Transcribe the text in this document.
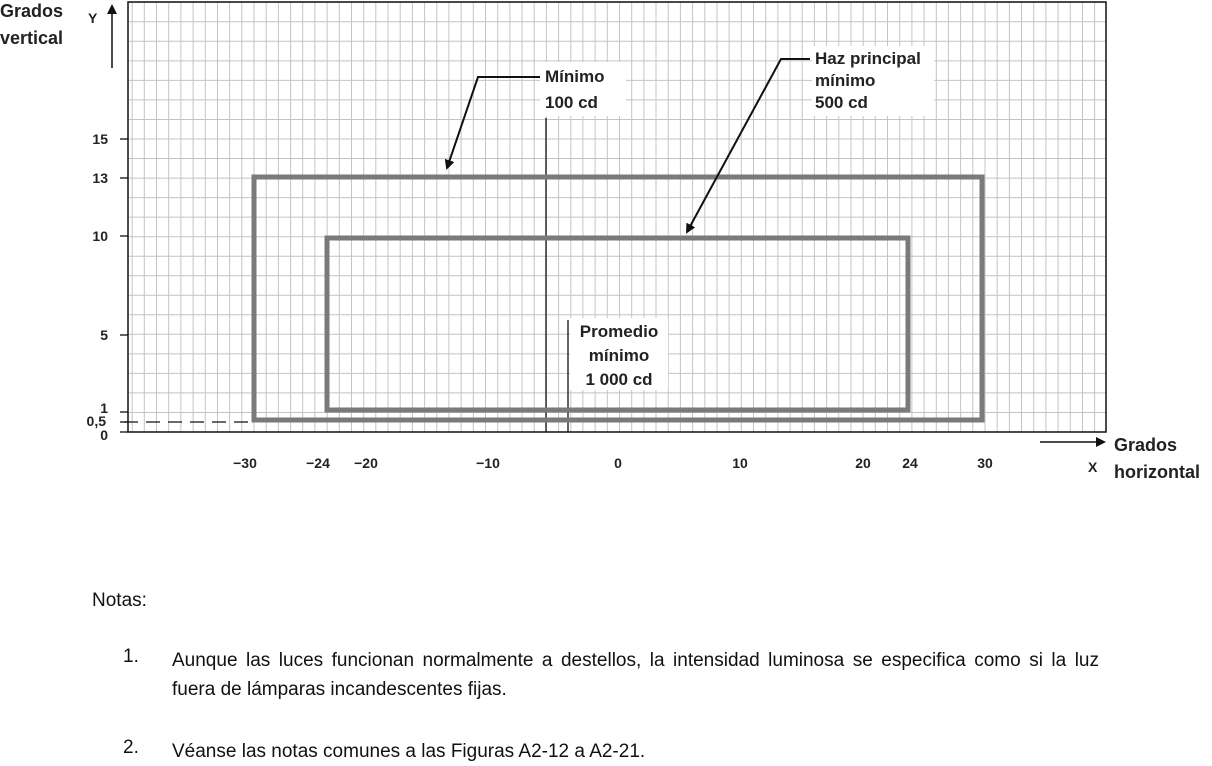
15
13
10
5
1
0,5
0
−30	−24 −20	−10	0	10	20 24	30
Grados
vertical
Y
Grados
horizontal
X
Mínimo
100 cd
Haz principal
mínimo
500 cd
Promedio
mínimo
1 000 cd
Notas:
1. Aunque las luces funcionan normalmente a destellos, la intensidad luminosa se especifica como si la luz fuera de lámparas incandescentes fijas.
2. Véanse las notas comunes a las Figuras A2-12 a A2-21.
